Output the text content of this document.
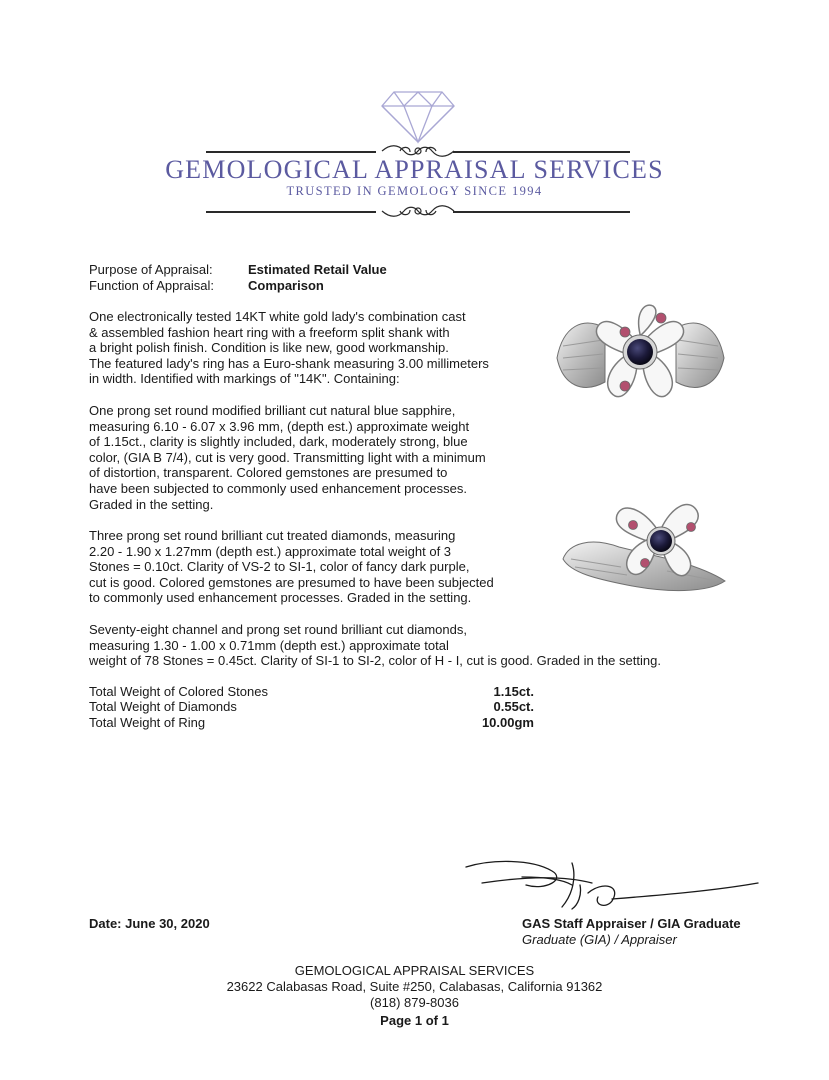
GEMOLOGICAL APPRAISAL SERVICES
TRUSTED IN GEMOLOGY SINCE 1994
Purpose of Appraisal:	Estimated Retail Value
Function of Appraisal:	Comparison
One electronically tested 14KT white gold lady's combination cast
& assembled fashion heart ring with a freeform split shank with
a bright polish finish. Condition is like new, good workmanship.
The featured lady's ring has a Euro-shank measuring 3.00 millimeters
in width. Identified with markings of "14K". Containing:
One prong set round modified brilliant cut natural blue sapphire,
measuring 6.10 - 6.07 x 3.96 mm, (depth est.) approximate weight
of 1.15ct., clarity is slightly included, dark, moderately strong, blue
color, (GIA B 7/4), cut is very good. Transmitting light with a minimum
of distortion, transparent. Colored gemstones are presumed to
have been subjected to commonly used enhancement processes.
Graded in the setting.
Three prong set round brilliant cut treated diamonds, measuring
2.20 - 1.90 x 1.27mm (depth est.) approximate total weight of 3
Stones = 0.10ct. Clarity of VS-2 to SI-1, color of fancy dark purple,
cut is good. Colored gemstones are presumed to have been subjected
to commonly used enhancement processes. Graded in the setting.
Seventy-eight channel and prong set round brilliant cut diamonds,
measuring 1.30 - 1.00 x 0.71mm (depth est.) approximate total
weight of 78 Stones = 0.45ct. Clarity of SI-1 to SI-2, color of H - I, cut is good. Graded in the setting.
Total Weight of Colored Stones	1.15ct.
Total Weight of Diamonds	0.55ct.
Total Weight of Ring	10.00gm
Date: June 30, 2020	GAS Staff Appraiser / GIA Graduate
Graduate (GIA) / Appraiser
GEMOLOGICAL APPRAISAL SERVICES
23622 Calabasas Road, Suite #250, Calabasas, California 91362
(818) 879-8036
Page 1 of 1
